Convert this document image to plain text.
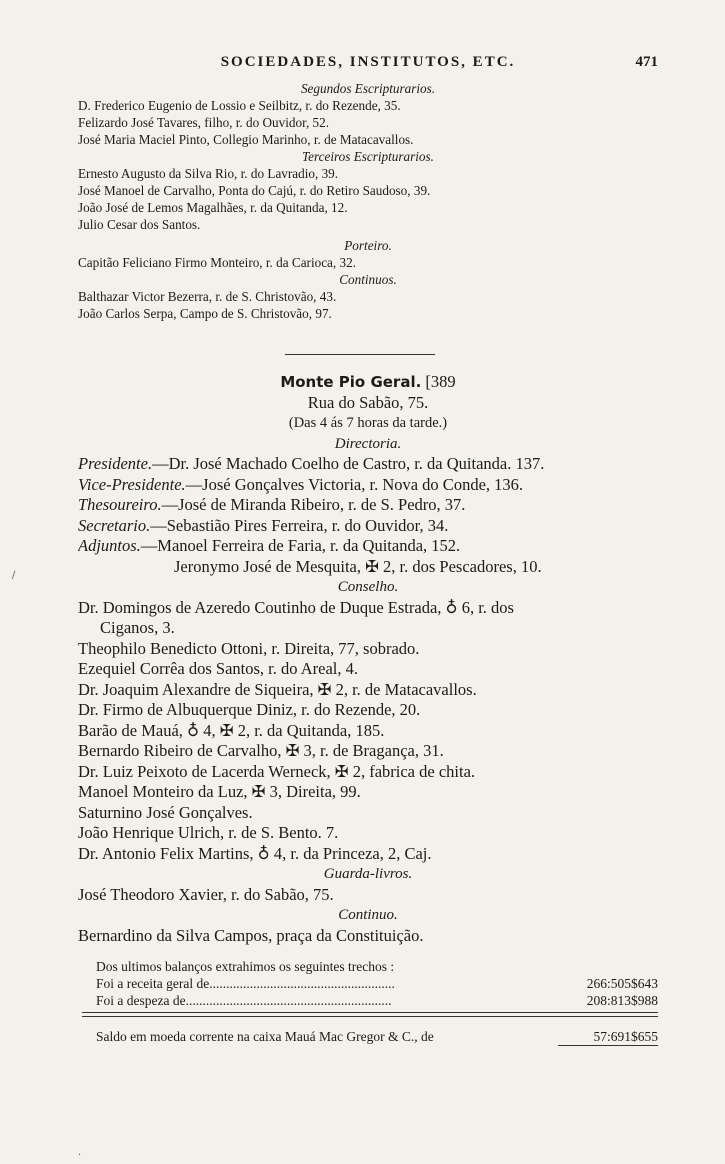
SOCIEDADES, INSTITUTOS, ETC.	471
Segundos Escripturarios.
D. Frederico Eugenio de Lossio e Seilbitz, r. do Rezende, 35.
Felizardo José Tavares, filho, r. do Ouvidor, 52.
José Maria Maciel Pinto, Collegio Marinho, r. de Matacavallos.
Terceiros Escripturarios.
Ernesto Augusto da Silva Rio, r. do Lavradio, 39.
José Manoel de Carvalho, Ponta do Cajú, r. do Retiro Saudoso, 39.
João José de Lemos Magalhães, r. da Quitanda, 12.
Julio Cesar dos Santos.
Porteiro.
Capitão Feliciano Firmo Monteiro, r. da Carioca, 32.
Continuos.
Balthazar Victor Bezerra, r. de S. Christovão, 43.
João Carlos Serpa, Campo de S. Christovão, 97.
Monte Pio Geral. [389
Rua do Sabão, 75.
(Das 4 ás 7 horas da tarde.)
Directoria.
Presidente.—Dr. José Machado Coelho de Castro, r. da Quitanda. 137.
Vice-Presidente.—José Gonçalves Victoria, r. Nova do Conde, 136.
Thesoureiro.—José de Miranda Ribeiro, r. de S. Pedro, 37.
Secretario.—Sebastião Pires Ferreira, r. do Ouvidor, 34.
Adjuntos.—Manoel Ferreira de Faria, r. da Quitanda, 152.
Jeronymo José de Mesquita, ✠ 2, r. dos Pescadores, 10.
Conselho.
Dr. Domingos de Azeredo Coutinho de Duque Estrada, ♁ 6, r. dos
Ciganos, 3.
Theophilo Benedicto Ottoni, r. Direita, 77, sobrado.
Ezequiel Corrêa dos Santos, r. do Areal, 4.
Dr. Joaquim Alexandre de Siqueira, ✠ 2, r. de Matacavallos.
Dr. Firmo de Albuquerque Diniz, r. do Rezende, 20.
Barão de Mauá, ♁ 4, ✠ 2, r. da Quitanda, 185.
Bernardo Ribeiro de Carvalho, ✠ 3, r. de Bragança, 31.
Dr. Luiz Peixoto de Lacerda Werneck, ✠ 2, fabrica de chita.
Manoel Monteiro da Luz, ✠ 3, Direita, 99.
Saturnino José Gonçalves.
João Henrique Ulrich, r. de S. Bento. 7.
Dr. Antonio Felix Martins, ♁ 4, r. da Princeza, 2, Caj.
Guarda-livros.
José Theodoro Xavier, r. do Sabão, 75.
Continuo.
Bernardino da Silva Campos, praça da Constituição.
Dos ultimos balanços extrahimos os seguintes trechos :
Foi a receita geral de.......................................................	266:505$643
Foi a despeza de.............................................................	208:813$988
Saldo em moeda corrente na caixa Mauá Mac Gregor & C., de	57:691$655
/
·
